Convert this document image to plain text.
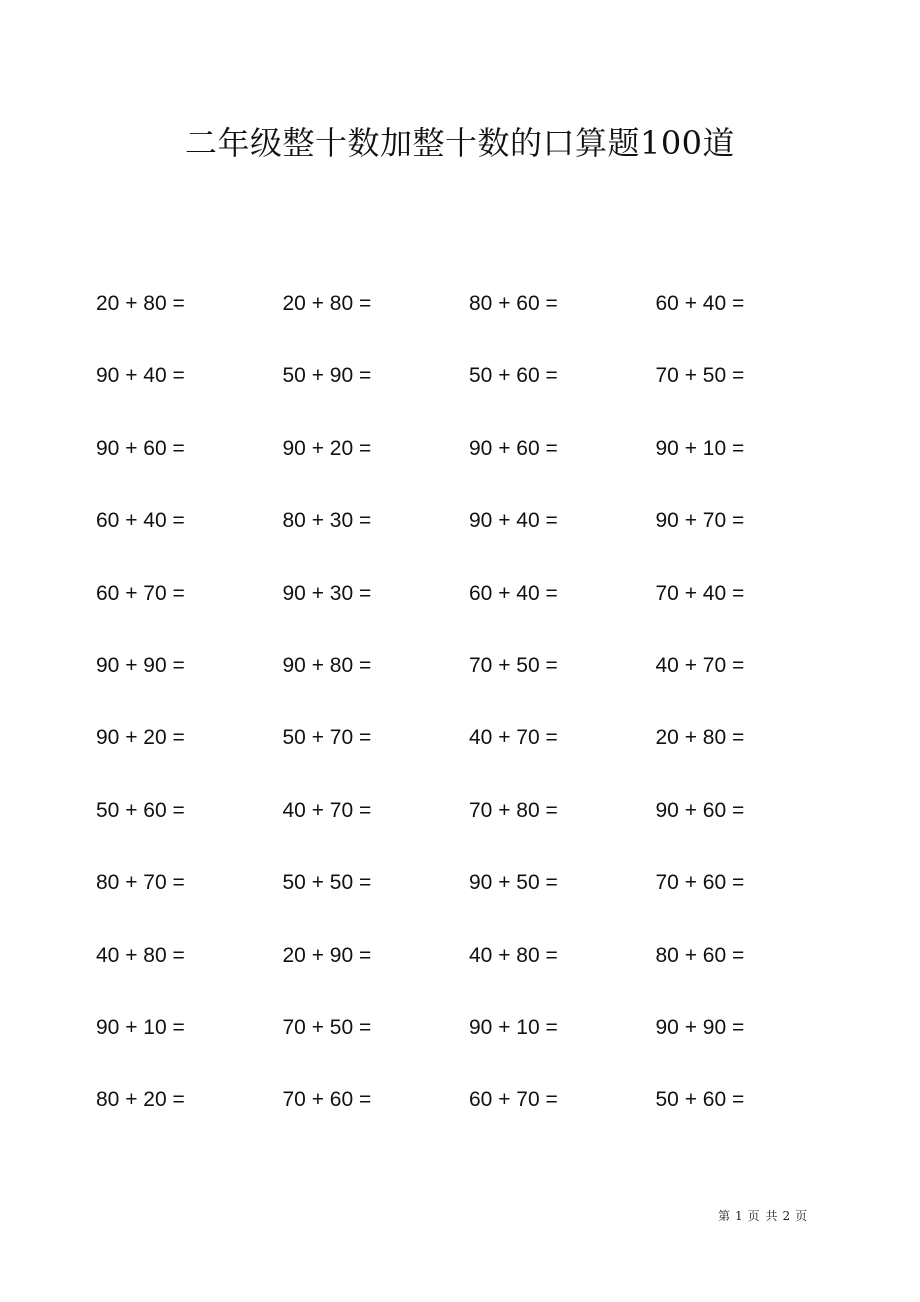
二年级整十数加整十数的口算题100道
20 + 80 =	20 + 80 =	80 + 60 =	60 + 40 =
90 + 40 =	50 + 90 =	50 + 60 =	70 + 50 =
90 + 60 =	90 + 20 =	90 + 60 =	90 + 10 =
60 + 40 =	80 + 30 =	90 + 40 =	90 + 70 =
60 + 70 =	90 + 30 =	60 + 40 =	70 + 40 =
90 + 90 =	90 + 80 =	70 + 50 =	40 + 70 =
90 + 20 =	50 + 70 =	40 + 70 =	20 + 80 =
50 + 60 =	40 + 70 =	70 + 80 =	90 + 60 =
80 + 70 =	50 + 50 =	90 + 50 =	70 + 60 =
40 + 80 =	20 + 90 =	40 + 80 =	80 + 60 =
90 + 10 =	70 + 50 =	90 + 10 =	90 + 90 =
80 + 20 =	70 + 60 =	60 + 70 =	50 + 60 =
第 1 页 共 2 页
